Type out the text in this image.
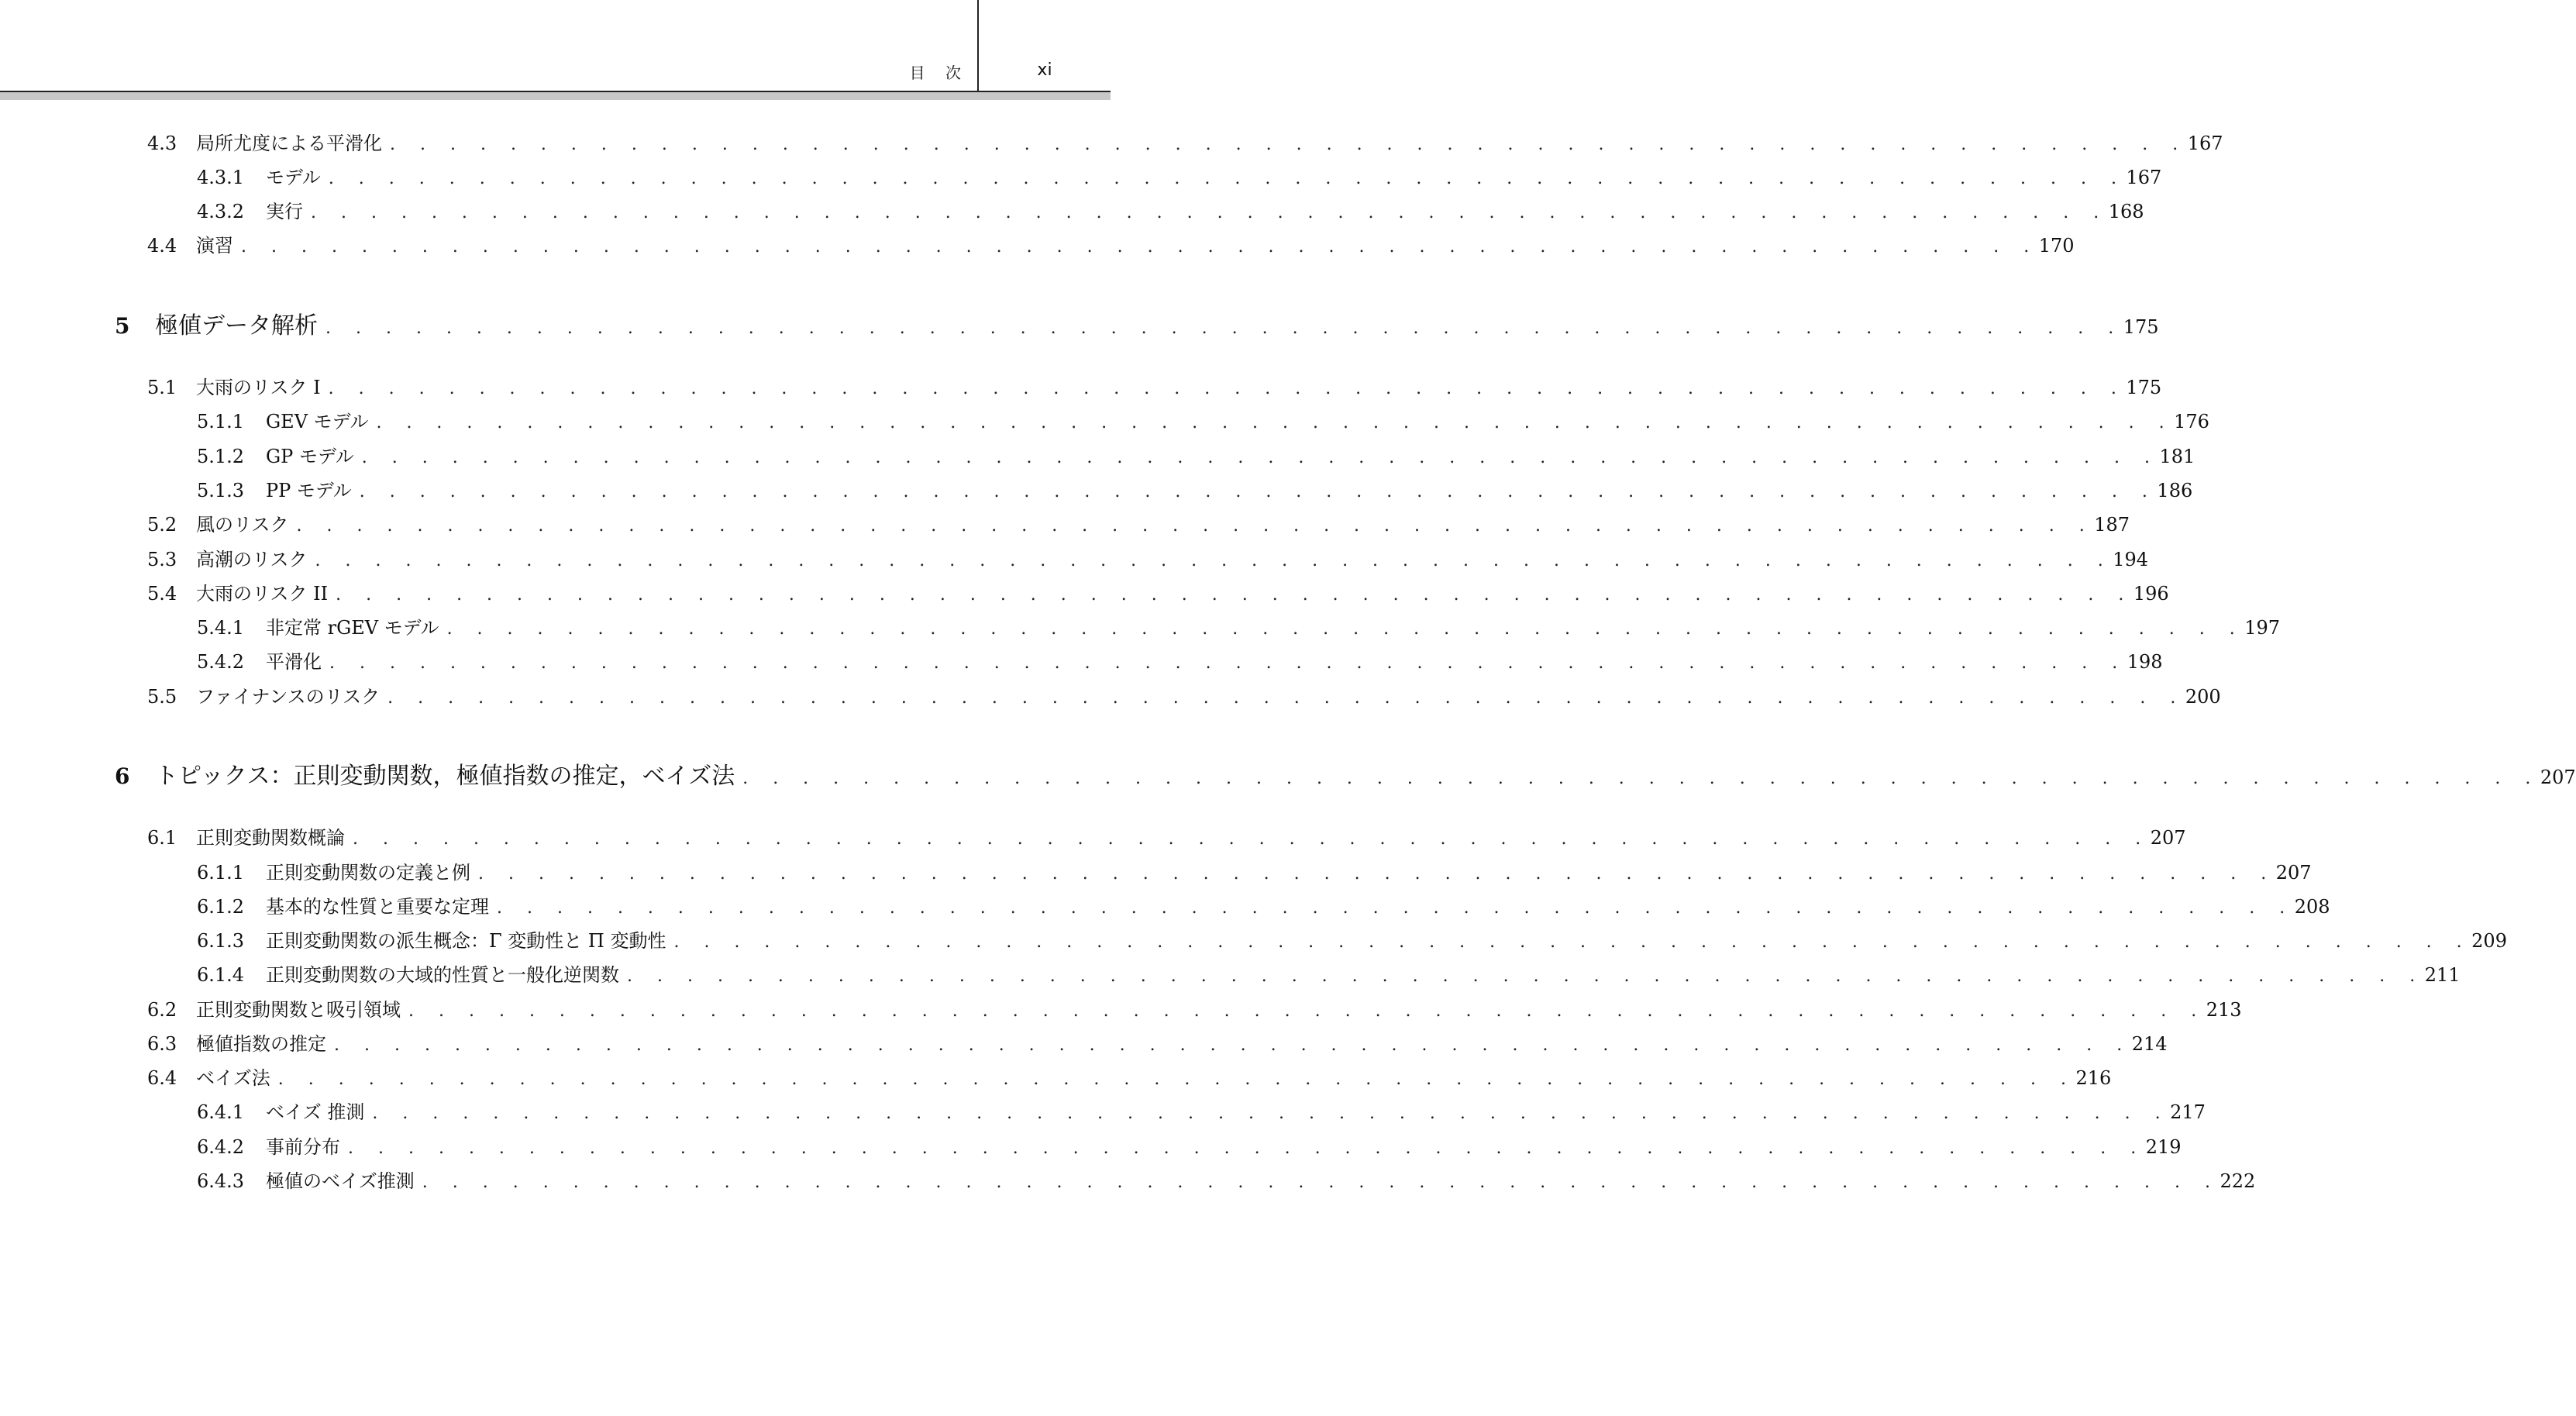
目 次	xi
4.3	局所尤度による平滑化 . . . . . . . . . . . . . . . . . . . . . . . . . . . . . . . . . . . . . . . . . . . . . . . . . . . . . . . . . . . . 167
4.3.1	モデル . . . . . . . . . . . . . . . . . . . . . . . . . . . . . . . . . . . . . . . . . . . . . . . . . . . . . . . . . . . . 167
4.3.2	実行 . . . . . . . . . . . . . . . . . . . . . . . . . . . . . . . . . . . . . . . . . . . . . . . . . . . . . . . . . . . . 168
4.4	演習 . . . . . . . . . . . . . . . . . . . . . . . . . . . . . . . . . . . . . . . . . . . . . . . . . . . . . . . . . . . . 170
5	極値データ解析 . . . . . . . . . . . . . . . . . . . . . . . . . . . . . . . . . . . . . . . . . . . . . . . . . . . . . . . . . . . . 175
5.1	大雨のリスク I . . . . . . . . . . . . . . . . . . . . . . . . . . . . . . . . . . . . . . . . . . . . . . . . . . . . . . . . . . . . 175
5.1.1	GEV モデル . . . . . . . . . . . . . . . . . . . . . . . . . . . . . . . . . . . . . . . . . . . . . . . . . . . . . . . . . . . . 176
5.1.2	GP モデル . . . . . . . . . . . . . . . . . . . . . . . . . . . . . . . . . . . . . . . . . . . . . . . . . . . . . . . . . . . . 181
5.1.3	PP モデル . . . . . . . . . . . . . . . . . . . . . . . . . . . . . . . . . . . . . . . . . . . . . . . . . . . . . . . . . . . . 186
5.2	風のリスク . . . . . . . . . . . . . . . . . . . . . . . . . . . . . . . . . . . . . . . . . . . . . . . . . . . . . . . . . . . . 187
5.3	高潮のリスク . . . . . . . . . . . . . . . . . . . . . . . . . . . . . . . . . . . . . . . . . . . . . . . . . . . . . . . . . . . . 194
5.4	大雨のリスク II . . . . . . . . . . . . . . . . . . . . . . . . . . . . . . . . . . . . . . . . . . . . . . . . . . . . . . . . . . . . 196
5.4.1	非定常 rGEV モデル . . . . . . . . . . . . . . . . . . . . . . . . . . . . . . . . . . . . . . . . . . . . . . . . . . . . . . . . . . . . 197
5.4.2	平滑化 . . . . . . . . . . . . . . . . . . . . . . . . . . . . . . . . . . . . . . . . . . . . . . . . . . . . . . . . . . . . 198
5.5	ファイナンスのリスク . . . . . . . . . . . . . . . . . . . . . . . . . . . . . . . . . . . . . . . . . . . . . . . . . . . . . . . . . . . . 200
6	トピックス：正則変動関数，極値指数の推定，ベイズ法 . . . . . . . . . . . . . . . . . . . . . . . . . . . . . . . . . . . . . . . . . . . . . . . . . . . . . . . . . . . . 207
6.1	正則変動関数概論 . . . . . . . . . . . . . . . . . . . . . . . . . . . . . . . . . . . . . . . . . . . . . . . . . . . . . . . . . . . . 207
6.1.1	正則変動関数の定義と例 . . . . . . . . . . . . . . . . . . . . . . . . . . . . . . . . . . . . . . . . . . . . . . . . . . . . . . . . . . . . 207
6.1.2	基本的な性質と重要な定理 . . . . . . . . . . . . . . . . . . . . . . . . . . . . . . . . . . . . . . . . . . . . . . . . . . . . . . . . . . . . 208
6.1.3	正則変動関数の派生概念：Γ 変動性と Π 変動性 . . . . . . . . . . . . . . . . . . . . . . . . . . . . . . . . . . . . . . . . . . . . . . . . . . . . . . . . . . . . 209
6.1.4	正則変動関数の大域的性質と一般化逆関数 . . . . . . . . . . . . . . . . . . . . . . . . . . . . . . . . . . . . . . . . . . . . . . . . . . . . . . . . . . . . 211
6.2	正則変動関数と吸引領域 . . . . . . . . . . . . . . . . . . . . . . . . . . . . . . . . . . . . . . . . . . . . . . . . . . . . . . . . . . . . 213
6.3	極値指数の推定 . . . . . . . . . . . . . . . . . . . . . . . . . . . . . . . . . . . . . . . . . . . . . . . . . . . . . . . . . . . . 214
6.4	ベイズ法 . . . . . . . . . . . . . . . . . . . . . . . . . . . . . . . . . . . . . . . . . . . . . . . . . . . . . . . . . . . . 216
6.4.1	ベイズ 推測 . . . . . . . . . . . . . . . . . . . . . . . . . . . . . . . . . . . . . . . . . . . . . . . . . . . . . . . . . . . . 217
6.4.2	事前分布 . . . . . . . . . . . . . . . . . . . . . . . . . . . . . . . . . . . . . . . . . . . . . . . . . . . . . . . . . . . . 219
6.4.3	極値のベイズ推測 . . . . . . . . . . . . . . . . . . . . . . . . . . . . . . . . . . . . . . . . . . . . . . . . . . . . . . . . . . . . 222
